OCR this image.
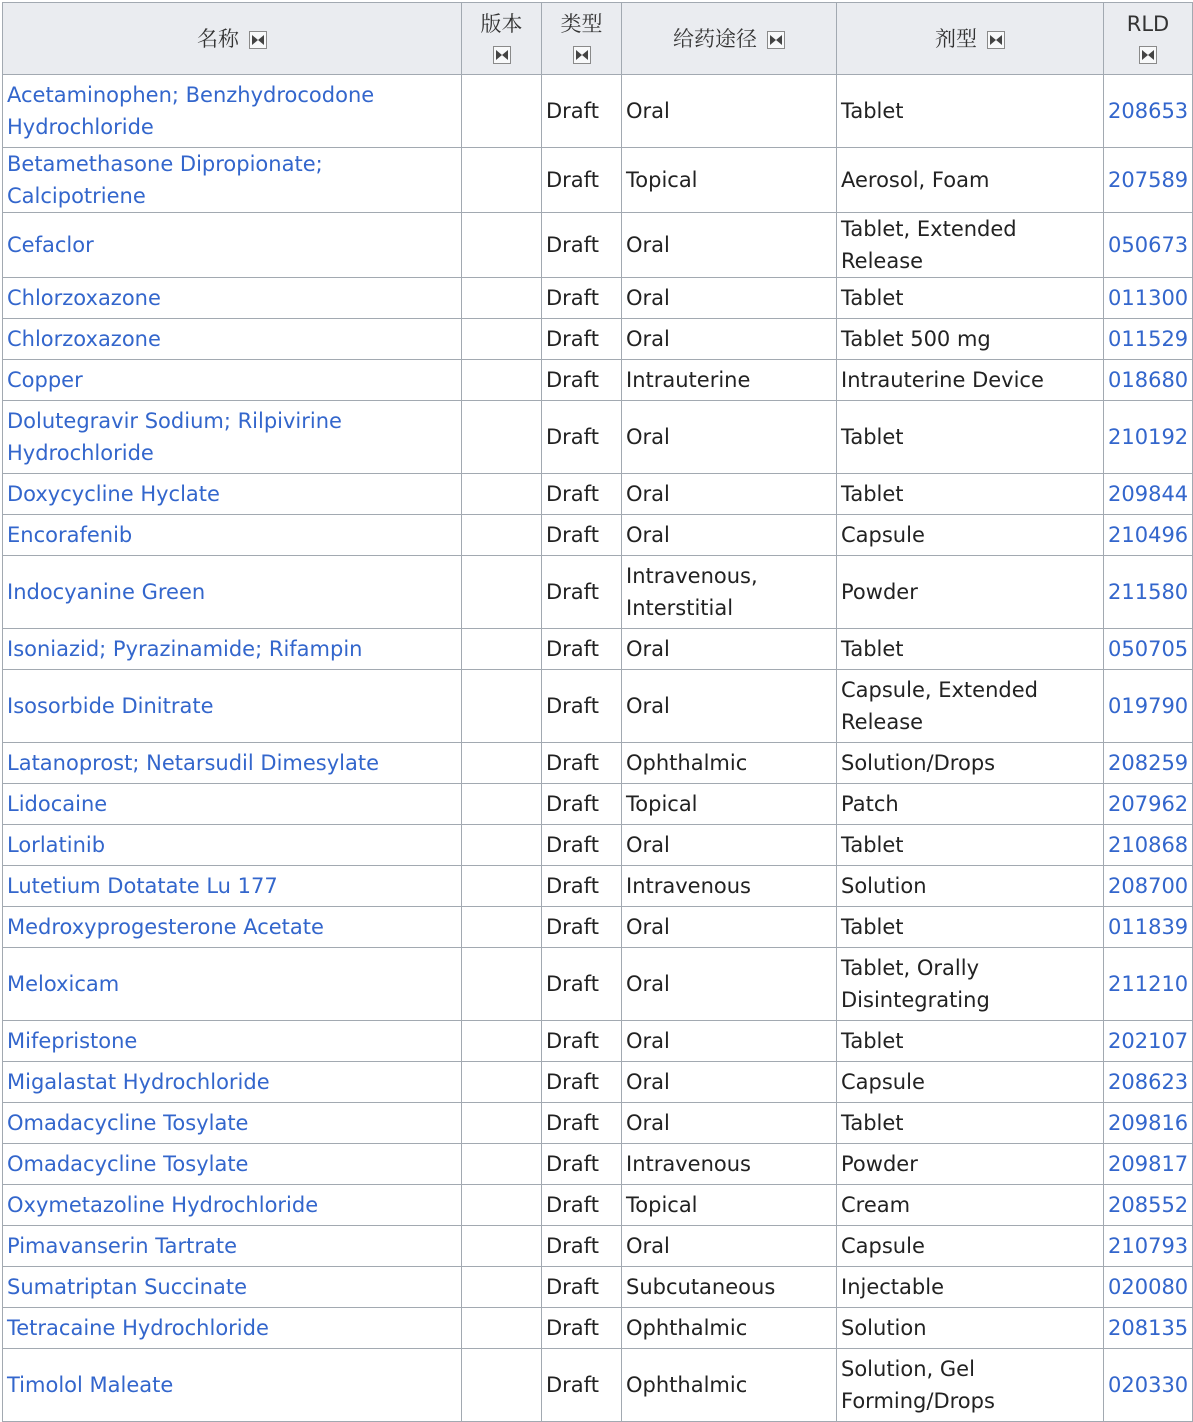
名称	版本	类型	给药途径	剂型	RLD

Acetaminophen; Benzhydrocodone Hydrochloride		Draft	Oral	Tablet	208653
Betamethasone Dipropionate; Calcipotriene		Draft	Topical	Aerosol, Foam	207589
Cefaclor		Draft	Oral	Tablet, Extended Release	050673
Chlorzoxazone		Draft	Oral	Tablet	011300
Chlorzoxazone		Draft	Oral	Tablet 500 mg	011529
Copper		Draft	Intrauterine	Intrauterine Device	018680
Dolutegravir Sodium; Rilpivirine Hydrochloride		Draft	Oral	Tablet	210192
Doxycycline Hyclate		Draft	Oral	Tablet	209844
Encorafenib		Draft	Oral	Capsule	210496
Indocyanine Green		Draft	Intravenous, Interstitial	Powder	211580
Isoniazid; Pyrazinamide; Rifampin		Draft	Oral	Tablet	050705
Isosorbide Dinitrate		Draft	Oral	Capsule, Extended Release	019790
Latanoprost; Netarsudil Dimesylate		Draft	Ophthalmic	Solution/Drops	208259
Lidocaine		Draft	Topical	Patch	207962
Lorlatinib		Draft	Oral	Tablet	210868
Lutetium Dotatate Lu 177		Draft	Intravenous	Solution	208700
Medroxyprogesterone Acetate		Draft	Oral	Tablet	011839
Meloxicam		Draft	Oral	Tablet, Orally Disintegrating	211210
Mifepristone		Draft	Oral	Tablet	202107
Migalastat Hydrochloride		Draft	Oral	Capsule	208623
Omadacycline Tosylate		Draft	Oral	Tablet	209816
Omadacycline Tosylate		Draft	Intravenous	Powder	209817
Oxymetazoline Hydrochloride		Draft	Topical	Cream	208552
Pimavanserin Tartrate		Draft	Oral	Capsule	210793
Sumatriptan Succinate		Draft	Subcutaneous	Injectable	020080
Tetracaine Hydrochloride		Draft	Ophthalmic	Solution	208135
Timolol Maleate		Draft	Ophthalmic	Solution, Gel Forming/Drops	020330
